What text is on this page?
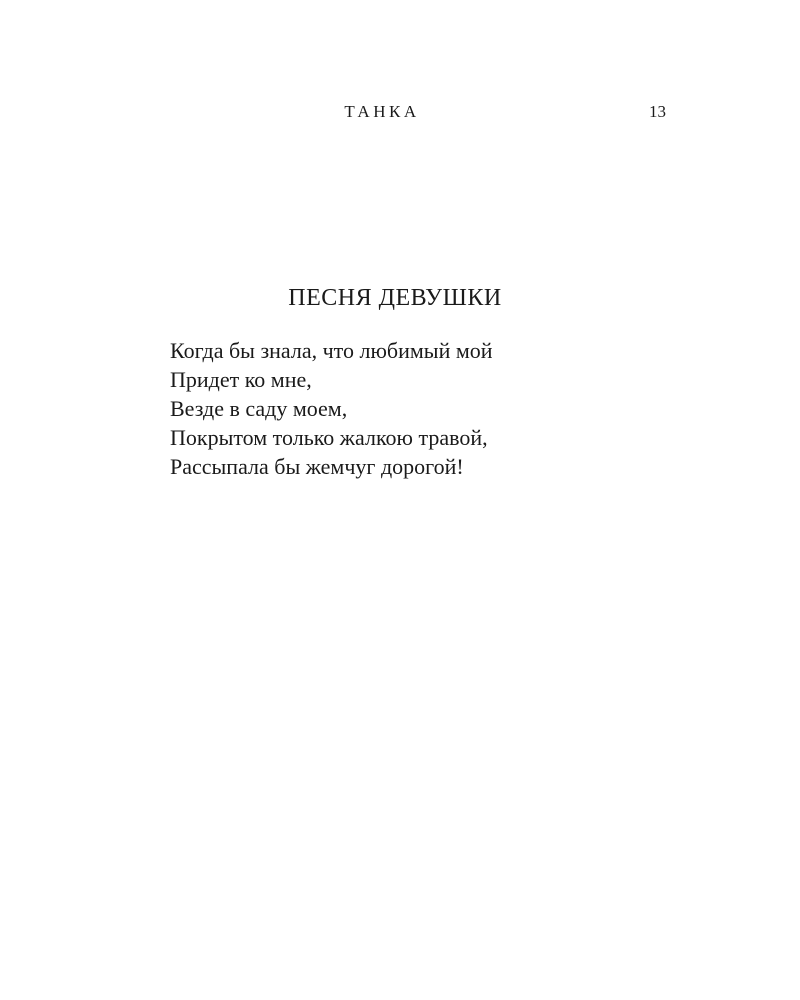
ТАНКА	13
ПЕСНЯ ДЕВУШКИ
Когда бы знала, что любимый мой
Придет ко мне,
Везде в саду моем,
Покрытом только жалкою травой,
Рассыпала бы жемчуг дорогой!
